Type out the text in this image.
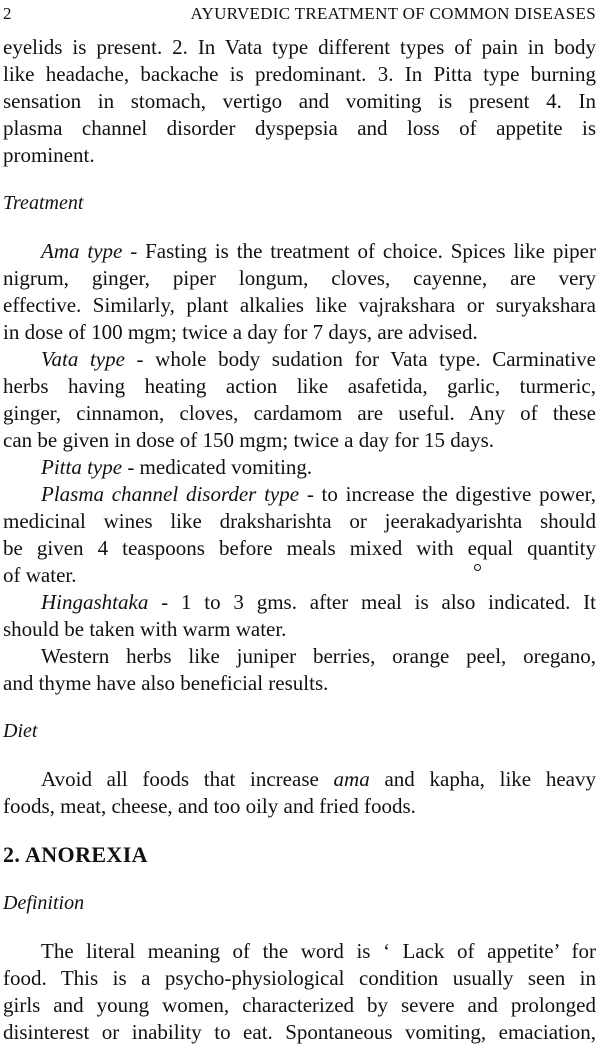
2	AYURVEDIC TREATMENT OF COMMON DISEASES
eyelids is present. 2. In Vata type different types of pain in body
like headache, backache is predominant. 3. In Pitta type burning
sensation in stomach, vertigo and vomiting is present 4. In
plasma channel disorder dyspepsia and loss of appetite is
prominent.
Treatment
Ama type - Fasting is the treatment of choice. Spices like piper
nigrum, ginger, piper longum, cloves, cayenne, are very
effective. Similarly, plant alkalies like vajrakshara or suryakshara
in dose of 100 mgm; twice a day for 7 days, are advised.
Vata type - whole body sudation for Vata type. Carminative
herbs having heating action like asafetida, garlic, turmeric,
ginger, cinnamon, cloves, cardamom are useful. Any of these
can be given in dose of 150 mgm; twice a day for 15 days.
Pitta type - medicated vomiting.
Plasma channel disorder type - to increase the digestive power,
medicinal wines like draksharishta or jeerakadyarishta should
be given 4 teaspoons before meals mixed with equal quantity
of water.
Hingashtaka - 1 to 3 gms. after meal is also indicated. It
should be taken with warm water.
Western herbs like juniper berries, orange peel, oregano,
and thyme have also beneficial results.
Diet
Avoid all foods that increase ama and kapha, like heavy
foods, meat, cheese, and too oily and fried foods.
2. ANOREXIA
Definition
The literal meaning of the word is ‘ Lack of appetite’ for
food. This is a psycho-physiological condition usually seen in
girls and young women, characterized by severe and prolonged
disinterest or inability to eat. Spontaneous vomiting, emaciation,
